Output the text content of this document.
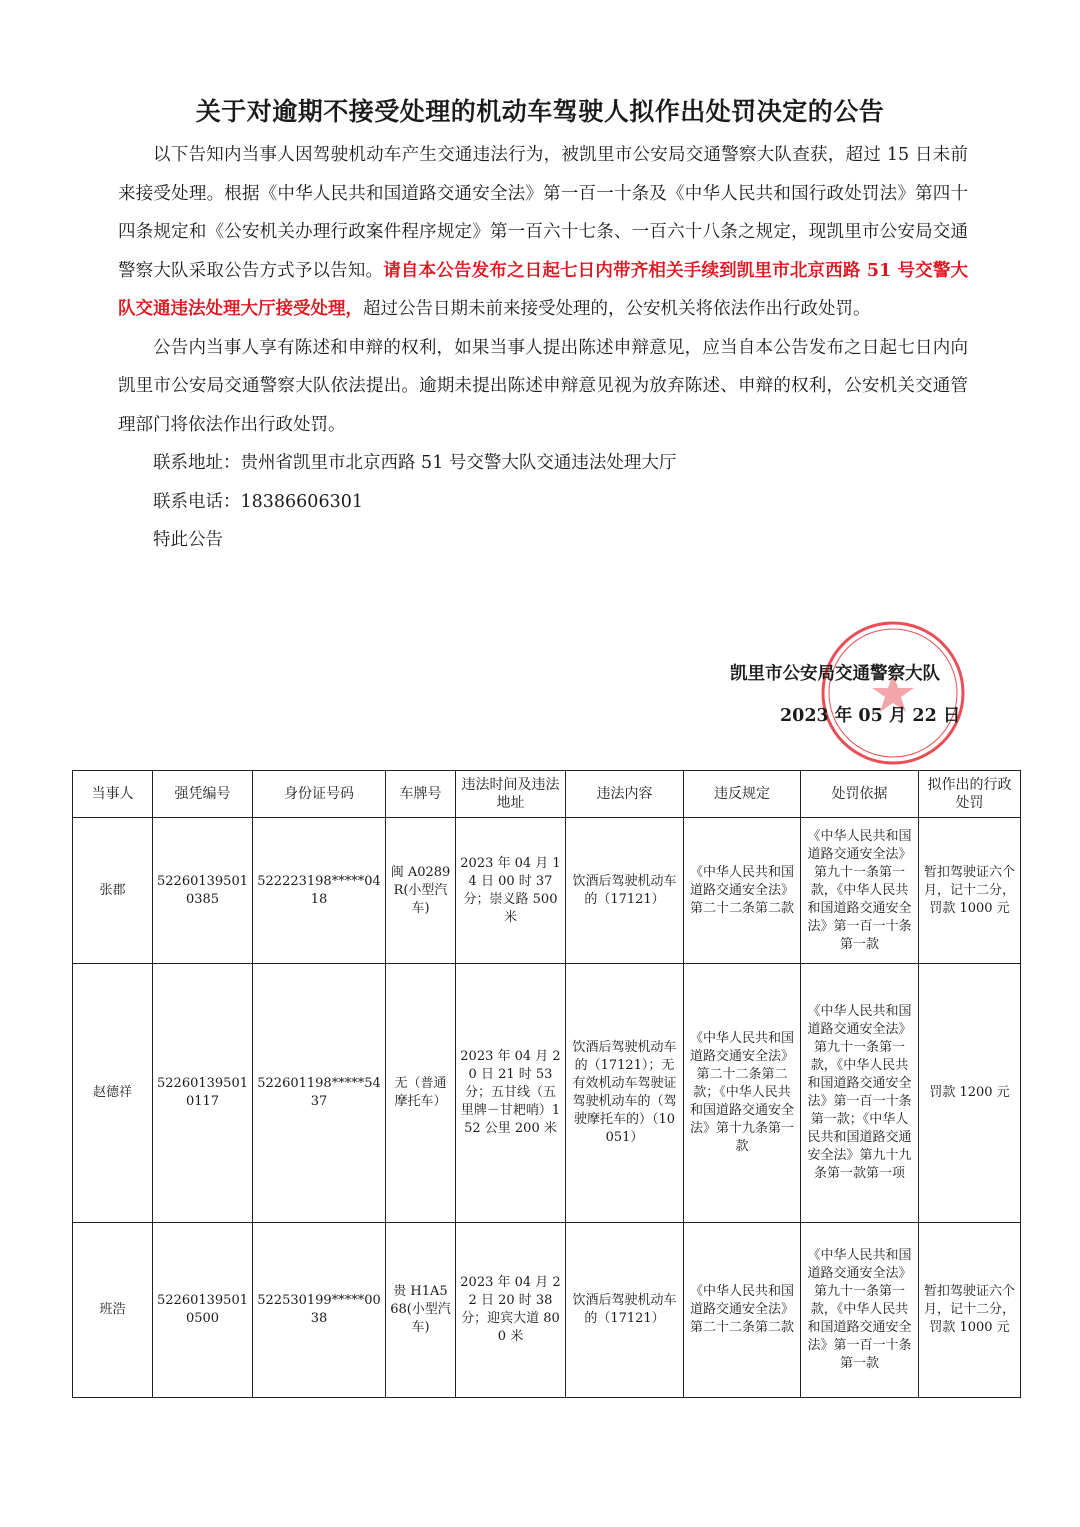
关于对逾期不接受处理的机动车驾驶人拟作出处罚决定的公告

以下告知内当事人因驾驶机动车产生交通违法行为，被凯里市公安局交通警察大队查获，超过 15 日未前来接受处理。根据《中华人民共和国道路交通安全法》第一百一十条及《中华人民共和国行政处罚法》第四十四条规定和《公安机关办理行政案件程序规定》第一百六十七条、一百六十八条之规定，现凯里市公安局交通警察大队采取公告方式予以告知。请自本公告发布之日起七日内带齐相关手续到凯里市北京西路 51 号交警大队交通违法处理大厅接受处理，超过公告日期未前来接受处理的，公安机关将依法作出行政处罚。

公告内当事人享有陈述和申辩的权利，如果当事人提出陈述申辩意见，应当自本公告发布之日起七日内向凯里市公安局交通警察大队依法提出。逾期未提出陈述申辩意见视为放弃陈述、申辩的权利，公安机关交通管理部门将依法作出行政处罚。

联系地址：贵州省凯里市北京西路 51 号交警大队交通违法处理大厅

联系电话：18386606301

特此公告

凯里市公安局交通警察大队
2023 年 05 月 22 日
当事人	强凭编号	身份证号码	车牌号	违法时间及违法地址	违法内容	违反规定	处罚依据	拟作出的行政处罚
张郡	522601395010385	522223198*****0418	闽 A0289R(小型汽车)	2023 年 04 月 14 日 00 时 37 分；崇义路 500 米	饮酒后驾驶机动车的（17121）	《中华人民共和国道路交通安全法》第二十二条第二款	《中华人民共和国道路交通安全法》第九十一条第一款，《中华人民共和国道路交通安全法》第一百一十条第一款	暂扣驾驶证六个月，记十二分，罚款 1000 元
赵德祥	522601395010117	522601198*****5437	无（普通摩托车）	2023 年 04 月 20 日 21 时 53 分；五甘线（五里牌－甘耙哨）152 公里 200 米	饮酒后驾驶机动车的（17121）；无有效机动车驾驶证驾驶机动车的（驾驶摩托车的）（10051）	《中华人民共和国道路交通安全法》第二十二条第二款；《中华人民共和国道路交通安全法》第十九条第一款	《中华人民共和国道路交通安全法》第九十一条第一款，《中华人民共和国道路交通安全法》第一百一十条第一款；《中华人民共和国道路交通安全法》第九十九条第一款第一项	罚款 1200 元
班浩	522601395010500	522530199*****0038	贵 H1A568(小型汽车)	2023 年 04 月 22 日 20 时 38 分；迎宾大道 800 米	饮酒后驾驶机动车的（17121）	《中华人民共和国道路交通安全法》第二十二条第二款	《中华人民共和国道路交通安全法》第九十一条第一款，《中华人民共和国道路交通安全法》第一百一十条第一款	暂扣驾驶证六个月，记十二分，罚款 1000 元
